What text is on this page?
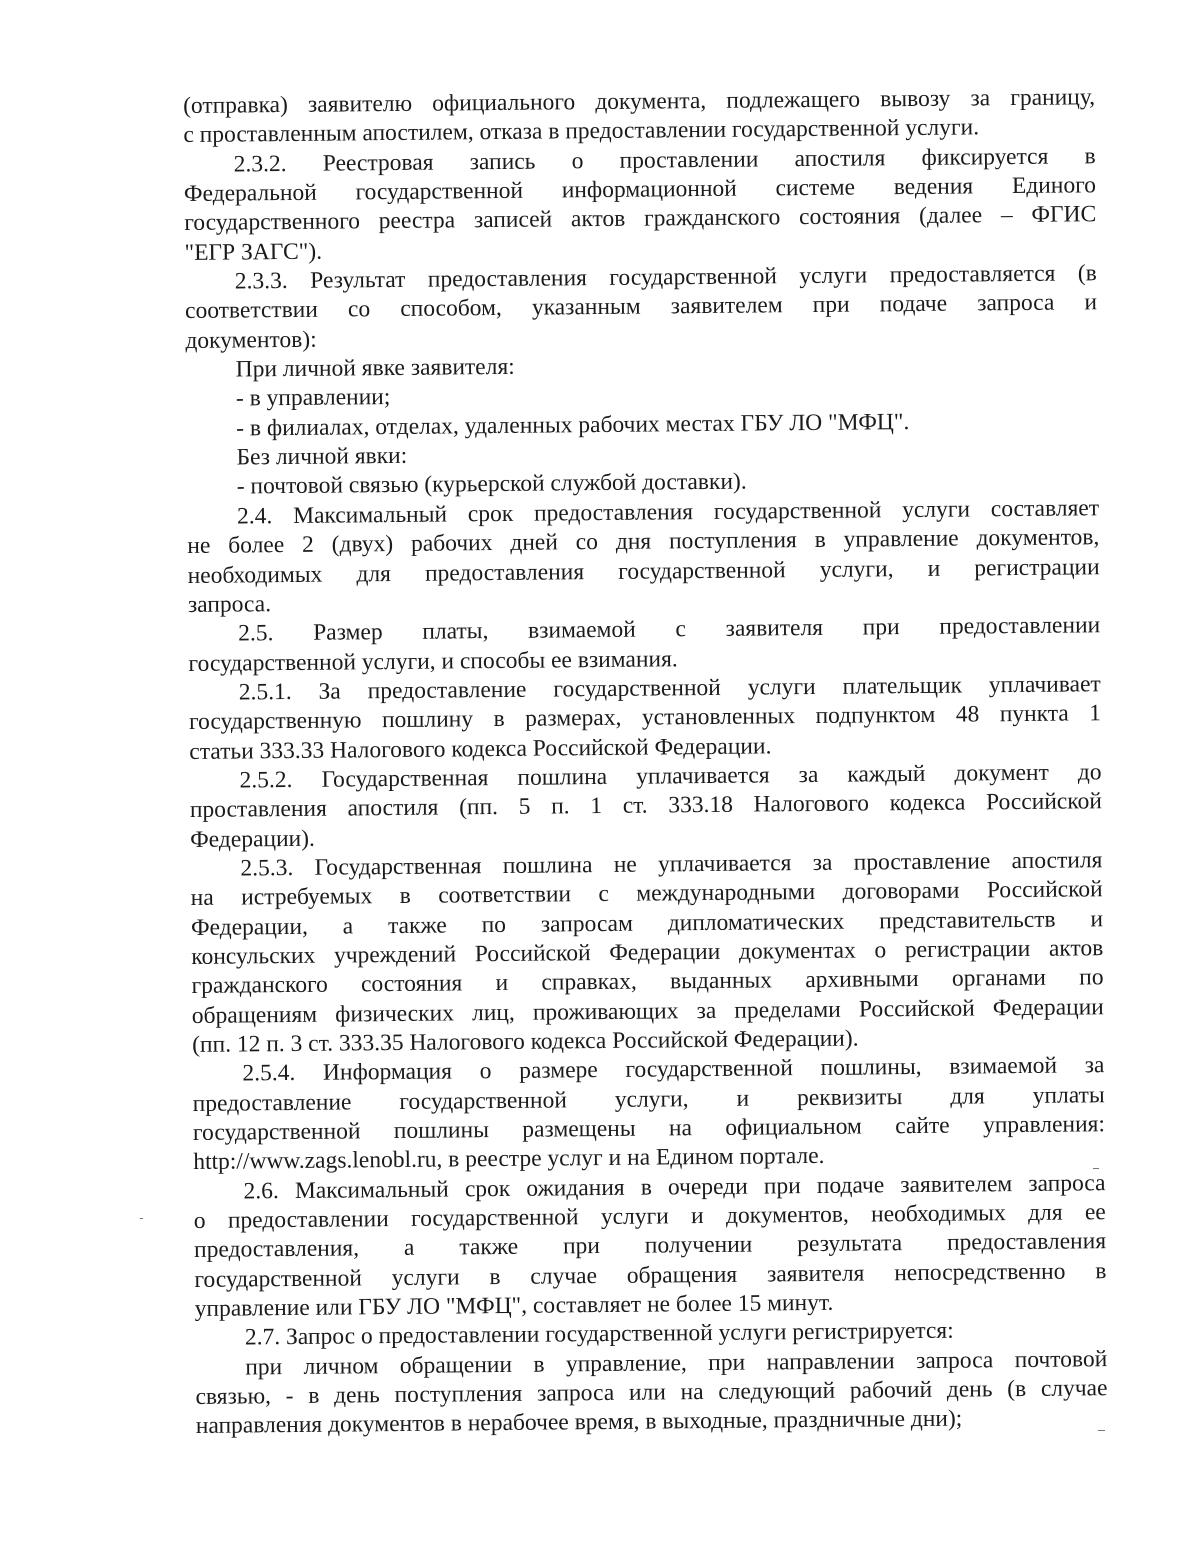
(отправка) заявителю официального документа, подлежащего вывозу за границу,
с проставленным апостилем, отказа в предоставлении государственной услуги.
2.3.2. Реестровая запись о проставлении апостиля фиксируется в
Федеральной государственной информационной системе ведения Единого
государственного реестра записей актов гражданского состояния (далее – ФГИС
"ЕГР ЗАГС").
2.3.3. Результат предоставления государственной услуги предоставляется (в
соответствии со способом, указанным заявителем при подаче запроса и
документов):
При личной явке заявителя:
- в управлении;
- в филиалах, отделах, удаленных рабочих местах ГБУ ЛО "МФЦ".
Без личной явки:
- почтовой связью (курьерской службой доставки).
2.4. Максимальный срок предоставления государственной услуги составляет
не более 2 (двух) рабочих дней со дня поступления в управление документов,
необходимых для предоставления государственной услуги, и регистрации
запроса.
2.5. Размер платы, взимаемой с заявителя при предоставлении
государственной услуги, и способы ее взимания.
2.5.1. За предоставление государственной услуги плательщик уплачивает
государственную пошлину в размерах, установленных подпунктом 48 пункта 1
статьи 333.33 Налогового кодекса Российской Федерации.
2.5.2. Государственная пошлина уплачивается за каждый документ до
проставления апостиля (пп. 5 п. 1 ст. 333.18 Налогового кодекса Российской
Федерации).
2.5.3. Государственная пошлина не уплачивается за проставление апостиля
на истребуемых в соответствии с международными договорами Российской
Федерации, а также по запросам дипломатических представительств и
консульских учреждений Российской Федерации документах о регистрации актов
гражданского состояния и справках, выданных архивными органами по
обращениям физических лиц, проживающих за пределами Российской Федерации
(пп. 12 п. 3 ст. 333.35 Налогового кодекса Российской Федерации).
2.5.4. Информация о размере государственной пошлины, взимаемой за
предоставление государственной услуги, и реквизиты для уплаты
государственной пошлины размещены на официальном сайте управления:
http://www.zags.lenobl.ru, в реестре услуг и на Едином портале.
2.6. Максимальный срок ожидания в очереди при подаче заявителем запроса
о предоставлении государственной услуги и документов, необходимых для ее
предоставления, а также при получении результата предоставления
государственной услуги в случае обращения заявителя непосредственно в
управление или ГБУ ЛО "МФЦ", составляет не более 15 минут.
2.7. Запрос о предоставлении государственной услуги регистрируется:
при личном обращении в управление, при направлении запроса почтовой
связью, - в день поступления запроса или на следующий рабочий день (в случае
направления документов в нерабочее время, в выходные, праздничные дни);
